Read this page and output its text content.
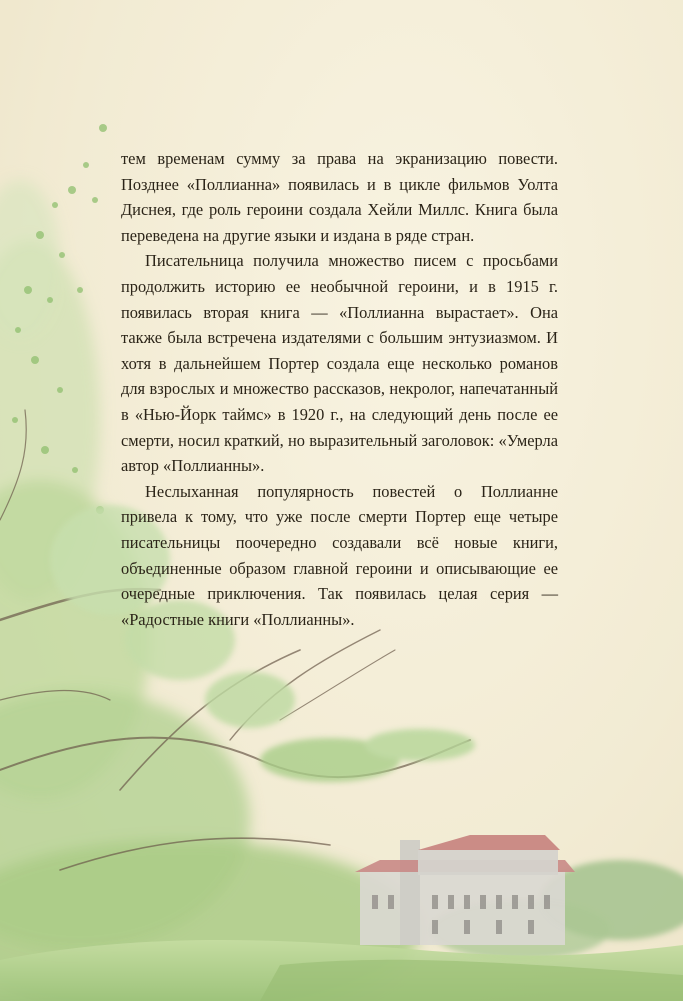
тем временам сумму за права на экранизацию повести. Позднее «Поллианна» появилась и в цикле фильмов Уолта Диснея, где роль героини создала Хейли Миллс. Книга была переведена на другие языки и издана в ряде стран.

Писательница получила множество писем с просьбами продолжить историю ее необычной героини, и в 1915 г. появилась вторая книга — «Поллианна вырастает». Она также была встречена издателями с большим энтузиазмом. И хотя в дальнейшем Портер создала еще несколько романов для взрослых и множество рассказов, некролог, напечатанный в «Нью-Йорк таймс» в 1920 г., на следующий день после ее смерти, носил краткий, но выразительный заголовок: «Умерла автор «Поллианны».

Неслыханная популярность повестей о Поллианне привела к тому, что уже после смерти Портер еще четыре писательницы поочередно создавали всё новые книги, объединенные образом главной героини и описывающие ее очередные приключения. Так появилась целая серия — «Радостные книги «Поллианны».
